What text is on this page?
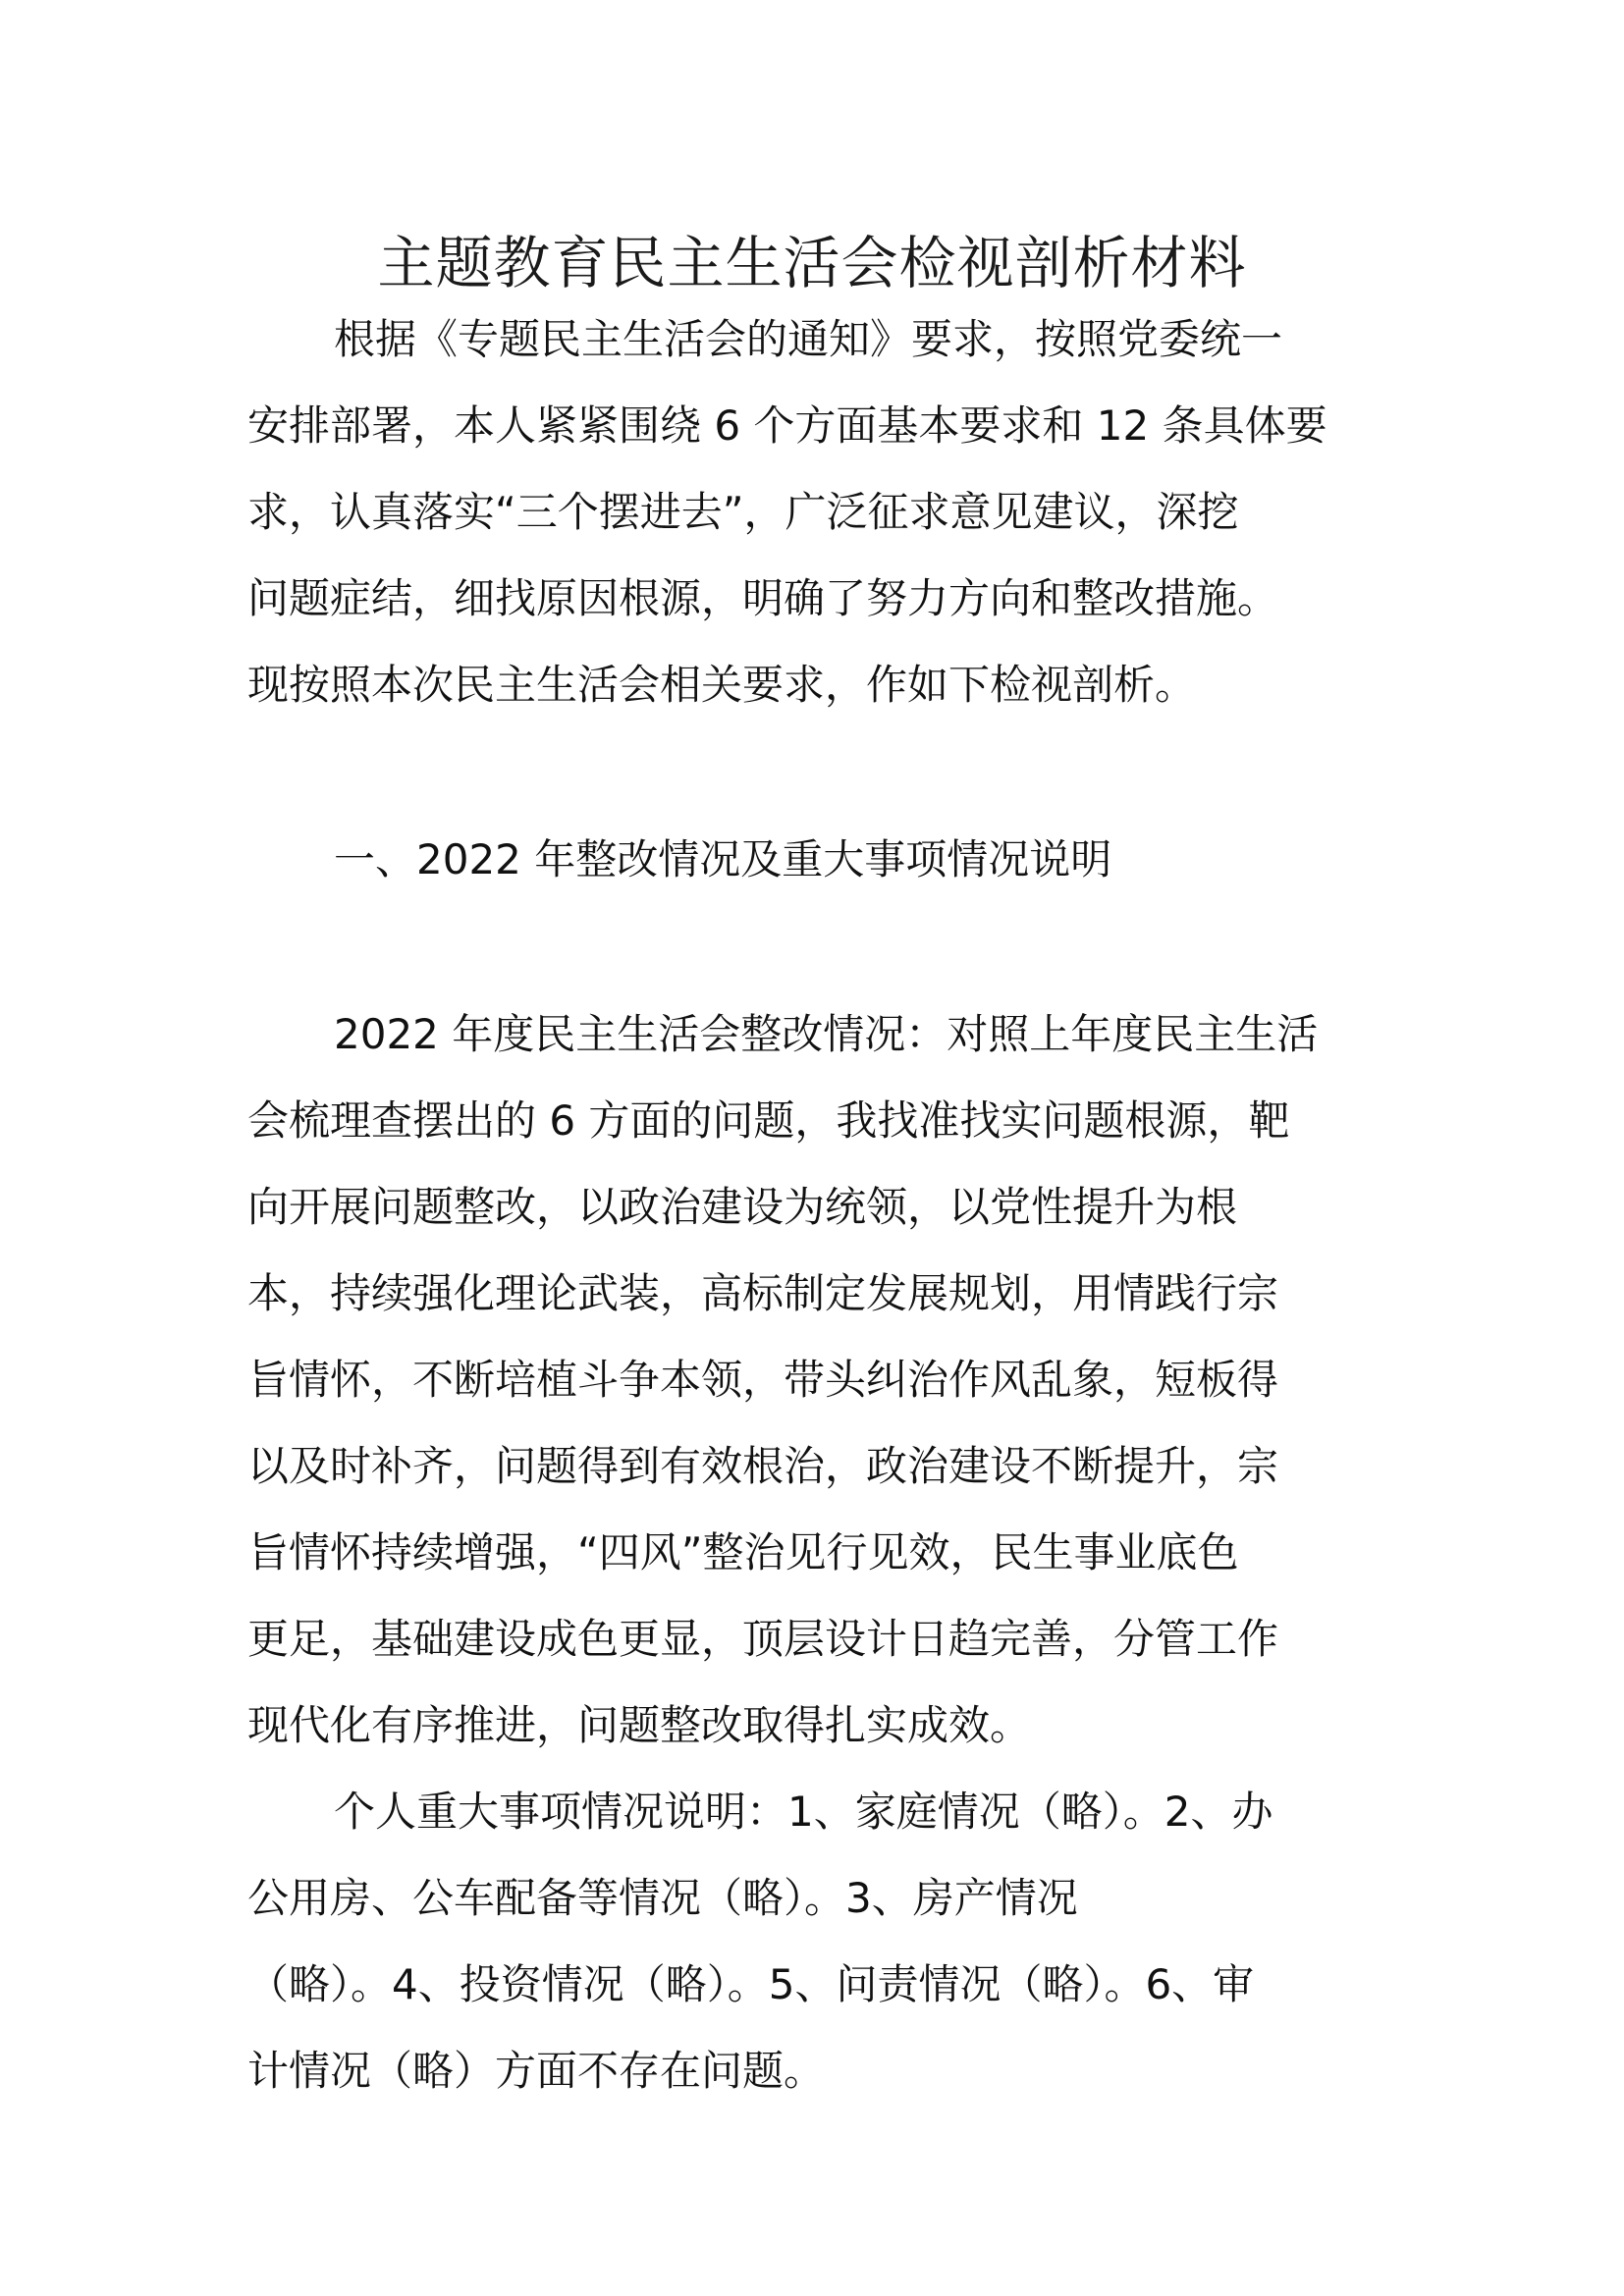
主题教育民主生活会检视剖析材料
根据《专题民主生活会的通知》要求，按照党委统一
安排部署，本人紧紧围绕 6 个方面基本要求和 12 条具体要
求，认真落实“三个摆进去”，广泛征求意见建议，深挖
问题症结，细找原因根源，明确了努力方向和整改措施。
现按照本次民主生活会相关要求，作如下检视剖析。
一、2022 年整改情况及重大事项情况说明
2022 年度民主生活会整改情况：对照上年度民主生活
会梳理查摆出的 6 方面的问题，我找准找实问题根源，靶
向开展问题整改，以政治建设为统领，以党性提升为根
本，持续强化理论武装，高标制定发展规划，用情践行宗
旨情怀，不断培植斗争本领，带头纠治作风乱象，短板得
以及时补齐，问题得到有效根治，政治建设不断提升，宗
旨情怀持续增强，“四风”整治见行见效，民生事业底色
更足，基础建设成色更显，顶层设计日趋完善，分管工作
现代化有序推进，问题整改取得扎实成效。
个人重大事项情况说明：1、家庭情况（略）。2、办
公用房、公车配备等情况（略）。3、房产情况
（略）。4、投资情况（略）。5、问责情况（略）。6、审
计情况（略）方面不存在问题。
